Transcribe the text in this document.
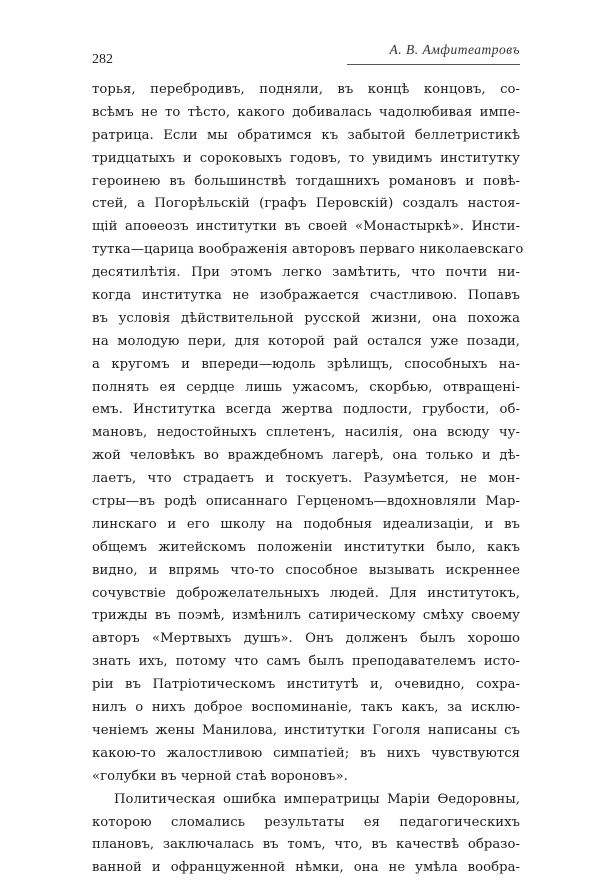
282
А. В. Амфитеатровъ
торья, перебродивъ, подняли, въ концѣ концовъ, со-
всѣмъ не то тѣсто, какого добивалась чадолюбивая импе-
ратрица. Если мы обратимся къ забытой беллетристикѣ
тридцатыхъ и сороковыхъ годовъ, то увидимъ институтку
героинею въ большинствѣ тогдашнихъ романовъ и повѣ-
стей, а Погорѣльскій (графъ Перовскій) создалъ настоя-
щій апоѳеозъ институтки въ своей «Монастыркѣ». Инсти-
тутка—царица воображенія авторовъ перваго николаевскаго
десятилѣтія. При этомъ легко замѣтить, что почти ни-
когда институтка не изображается счастливою. Попавъ
въ условія дѣйствительной русской жизни, она похожа
на молодую пери, для которой рай остался уже позади,
а кругомъ и впереди—юдоль зрѣлищъ, способныхъ на-
полнять ея сердце лишь ужасомъ, скорбью, отвращені-
емъ. Институтка всегда жертва подлости, грубости, об-
мановъ, недостойныхъ сплетенъ, насилія, она всюду чу-
жой человѣкъ во враждебномъ лагерѣ, она только и дѣ-
лаетъ, что страдаетъ и тоскуетъ. Разумѣется, не мон-
стры—въ родѣ описаннаго Герценомъ—вдохновляли Мар-
линскаго и его школу на подобныя идеализаціи, и въ
общемъ житейскомъ положеніи институтки было, какъ
видно, и впрямь что-то способное вызывать искреннее
сочувствіе доброжелательныхъ людей. Для институтокъ,
трижды въ поэмѣ, измѣнилъ сатирическому смѣху своему
авторъ «Мертвыхъ душъ». Онъ долженъ былъ хорошо
знать ихъ, потому что самъ былъ преподавателемъ исто-
ріи въ Патріотическомъ институтѣ и, очевидно, сохра-
нилъ о нихъ доброе воспоминаніе, такъ какъ, за исклю-
ченіемъ жены Манилова, институтки Гоголя написаны съ
какою-то жалостливою симпатіей; въ нихъ чувствуются
«голубки въ черной стаѣ вороновъ».
Политическая ошибка императрицы Маріи Ѳедоровны,
которою сломались результаты ея педагогическихъ
плановъ, заключалась въ томъ, что, въ качествѣ образо-
ванной и офранцуженной нѣмки, она не умѣла вообра-
